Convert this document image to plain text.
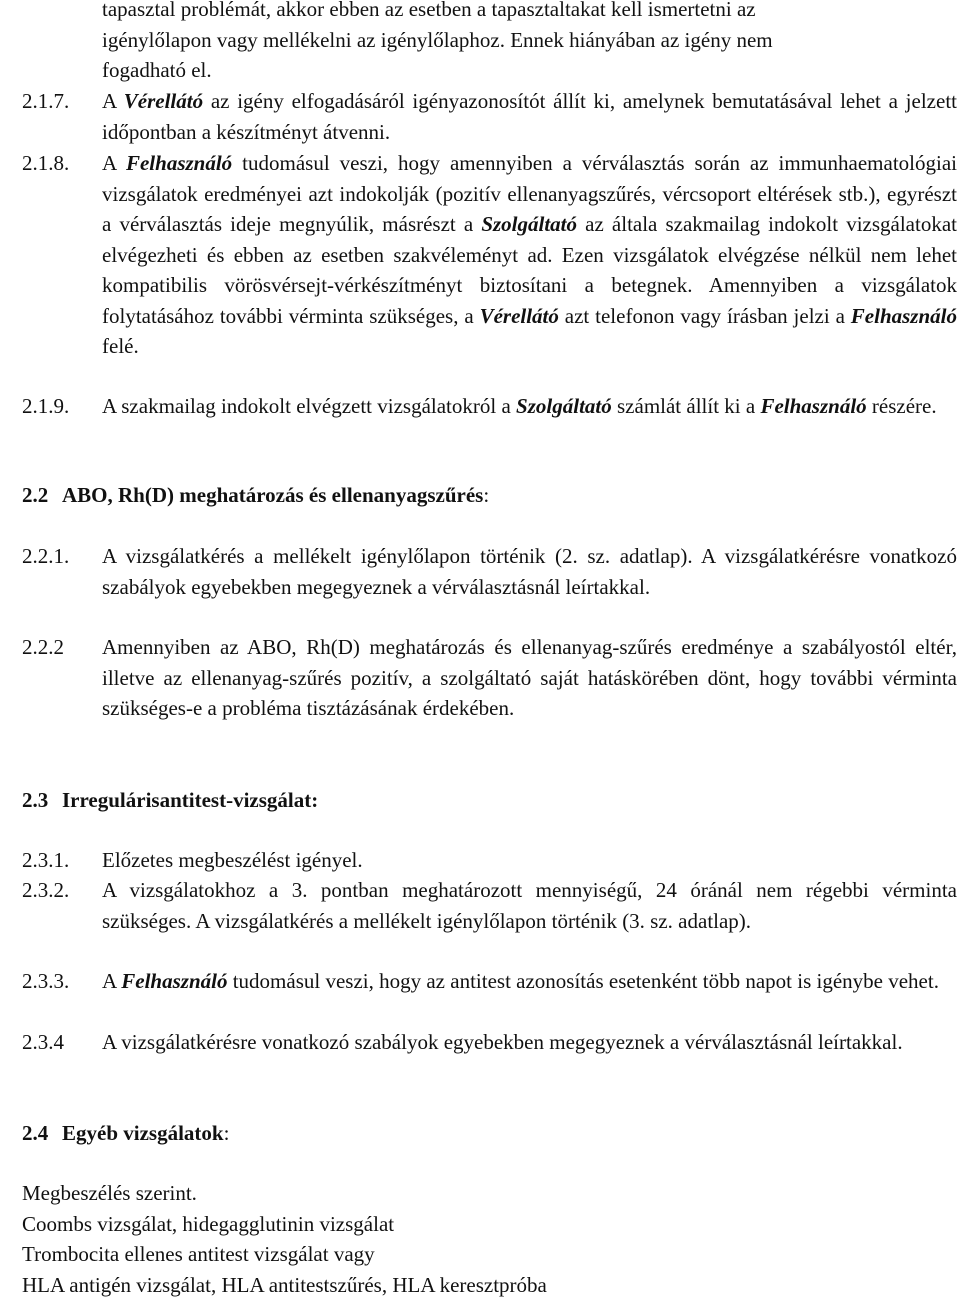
tapasztal problémát, akkor ebben az esetben a tapasztaltakat kell ismertetni az
igénylőlapon vagy mellékelni az igénylőlaphoz. Ennek hiányában az igény nem
fogadható el.
2.1.7. A Vérellátó az igény elfogadásáról igényazonosítót állít ki, amelynek bemutatásával lehet a jelzett időpontban a készítményt átvenni.
2.1.8. A Felhasználó tudomásul veszi, hogy amennyiben a vérválasztás során az immunhaematológiai vizsgálatok eredményei azt indokolják (pozitív ellenanyagszűrés, vércsoport eltérések stb.), egyrészt a vérválasztás ideje megnyúlik, másrészt a Szolgáltató az általa szakmailag indokolt vizsgálatokat elvégezheti és ebben az esetben szakvéleményt ad. Ezen vizsgálatok elvégzése nélkül nem lehet kompatibilis vörösvérsejt-vérkészítményt biztosítani a betegnek. Amennyiben a vizsgálatok folytatásához további vérminta szükséges, a Vérellátó azt telefonon vagy írásban jelzi a Felhasználó felé.
2.1.9. A szakmailag indokolt elvégzett vizsgálatokról a Szolgáltató számlát állít ki a Felhasználó részére.
2.2 ABO, Rh(D) meghatározás és ellenanyagszűrés:
2.2.1. A vizsgálatkérés a mellékelt igénylőlapon történik (2. sz. adatlap). A vizsgálatkérésre vonatkozó szabályok egyebekben megegyeznek a vérválasztásnál leírtakkal.
2.2.2 Amennyiben az ABO, Rh(D) meghatározás és ellenanyag-szűrés eredménye a szabályostól eltér, illetve az ellenanyag-szűrés pozitív, a szolgáltató saját hatáskörében dönt, hogy további vérminta szükséges-e a probléma tisztázásának érdekében.
2.3 Irregulárisantitest-vizsgálat:
2.3.1. Előzetes megbeszélést igényel.
2.3.2. A vizsgálatokhoz a 3. pontban meghatározott mennyiségű, 24 óránál nem régebbi vérminta szükséges. A vizsgálatkérés a mellékelt igénylőlapon történik (3. sz. adatlap).
2.3.3. A Felhasználó tudomásul veszi, hogy az antitest azonosítás esetenként több napot is igénybe vehet.
2.3.4 A vizsgálatkérésre vonatkozó szabályok egyebekben megegyeznek a vérválasztásnál leírtakkal.
2.4 Egyéb vizsgálatok:
Megbeszélés szerint.
Coombs vizsgálat, hidegagglutinin vizsgálat
Trombocita ellenes antitest vizsgálat vagy
HLA antigén vizsgálat, HLA antitestszűrés, HLA keresztpróba
